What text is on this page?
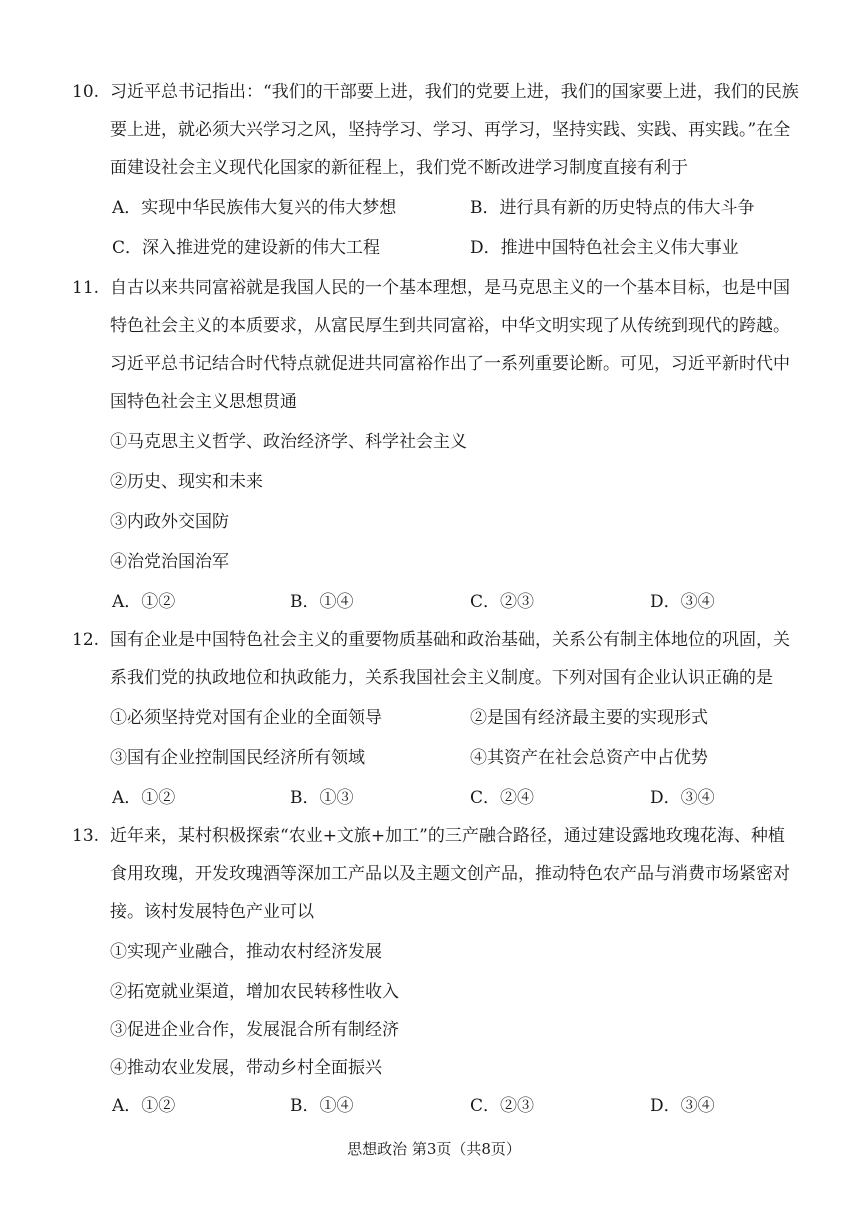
10. 习近平总书记指出：“我们的干部要上进，我们的党要上进，我们的国家要上进，我们的民族
要上进，就必须大兴学习之风，坚持学习、学习、再学习，坚持实践、实践、再实践。”在全
面建设社会主义现代化国家的新征程上，我们党不断改进学习制度直接有利于
A．实现中华民族伟大复兴的伟大梦想	B．进行具有新的历史特点的伟大斗争
C．深入推进党的建设新的伟大工程	D．推进中国特色社会主义伟大事业
11. 自古以来共同富裕就是我国人民的一个基本理想，是马克思主义的一个基本目标，也是中国
特色社会主义的本质要求，从富民厚生到共同富裕，中华文明实现了从传统到现代的跨越。
习近平总书记结合时代特点就促进共同富裕作出了一系列重要论断。可见，习近平新时代中
国特色社会主义思想贯通
①马克思主义哲学、政治经济学、科学社会主义
②历史、现实和未来
③内政外交国防
④治党治国治军
A．①②	B．①④	C．②③	D．③④
12. 国有企业是中国特色社会主义的重要物质基础和政治基础，关系公有制主体地位的巩固，关
系我们党的执政地位和执政能力，关系我国社会主义制度。下列对国有企业认识正确的是
①必须坚持党对国有企业的全面领导	②是国有经济最主要的实现形式
③国有企业控制国民经济所有领域	④其资产在社会总资产中占优势
A．①②	B．①③	C．②④	D．③④
13. 近年来，某村积极探索“农业+文旅+加工”的三产融合路径，通过建设露地玫瑰花海、种植
食用玫瑰，开发玫瑰酒等深加工产品以及主题文创产品，推动特色农产品与消费市场紧密对
接。该村发展特色产业可以
①实现产业融合，推动农村经济发展
②拓宽就业渠道，增加农民转移性收入
③促进企业合作，发展混合所有制经济
④推动农业发展，带动乡村全面振兴
A．①②	B．①④	C．②③	D．③④
思想政治 第3页（共8页）
